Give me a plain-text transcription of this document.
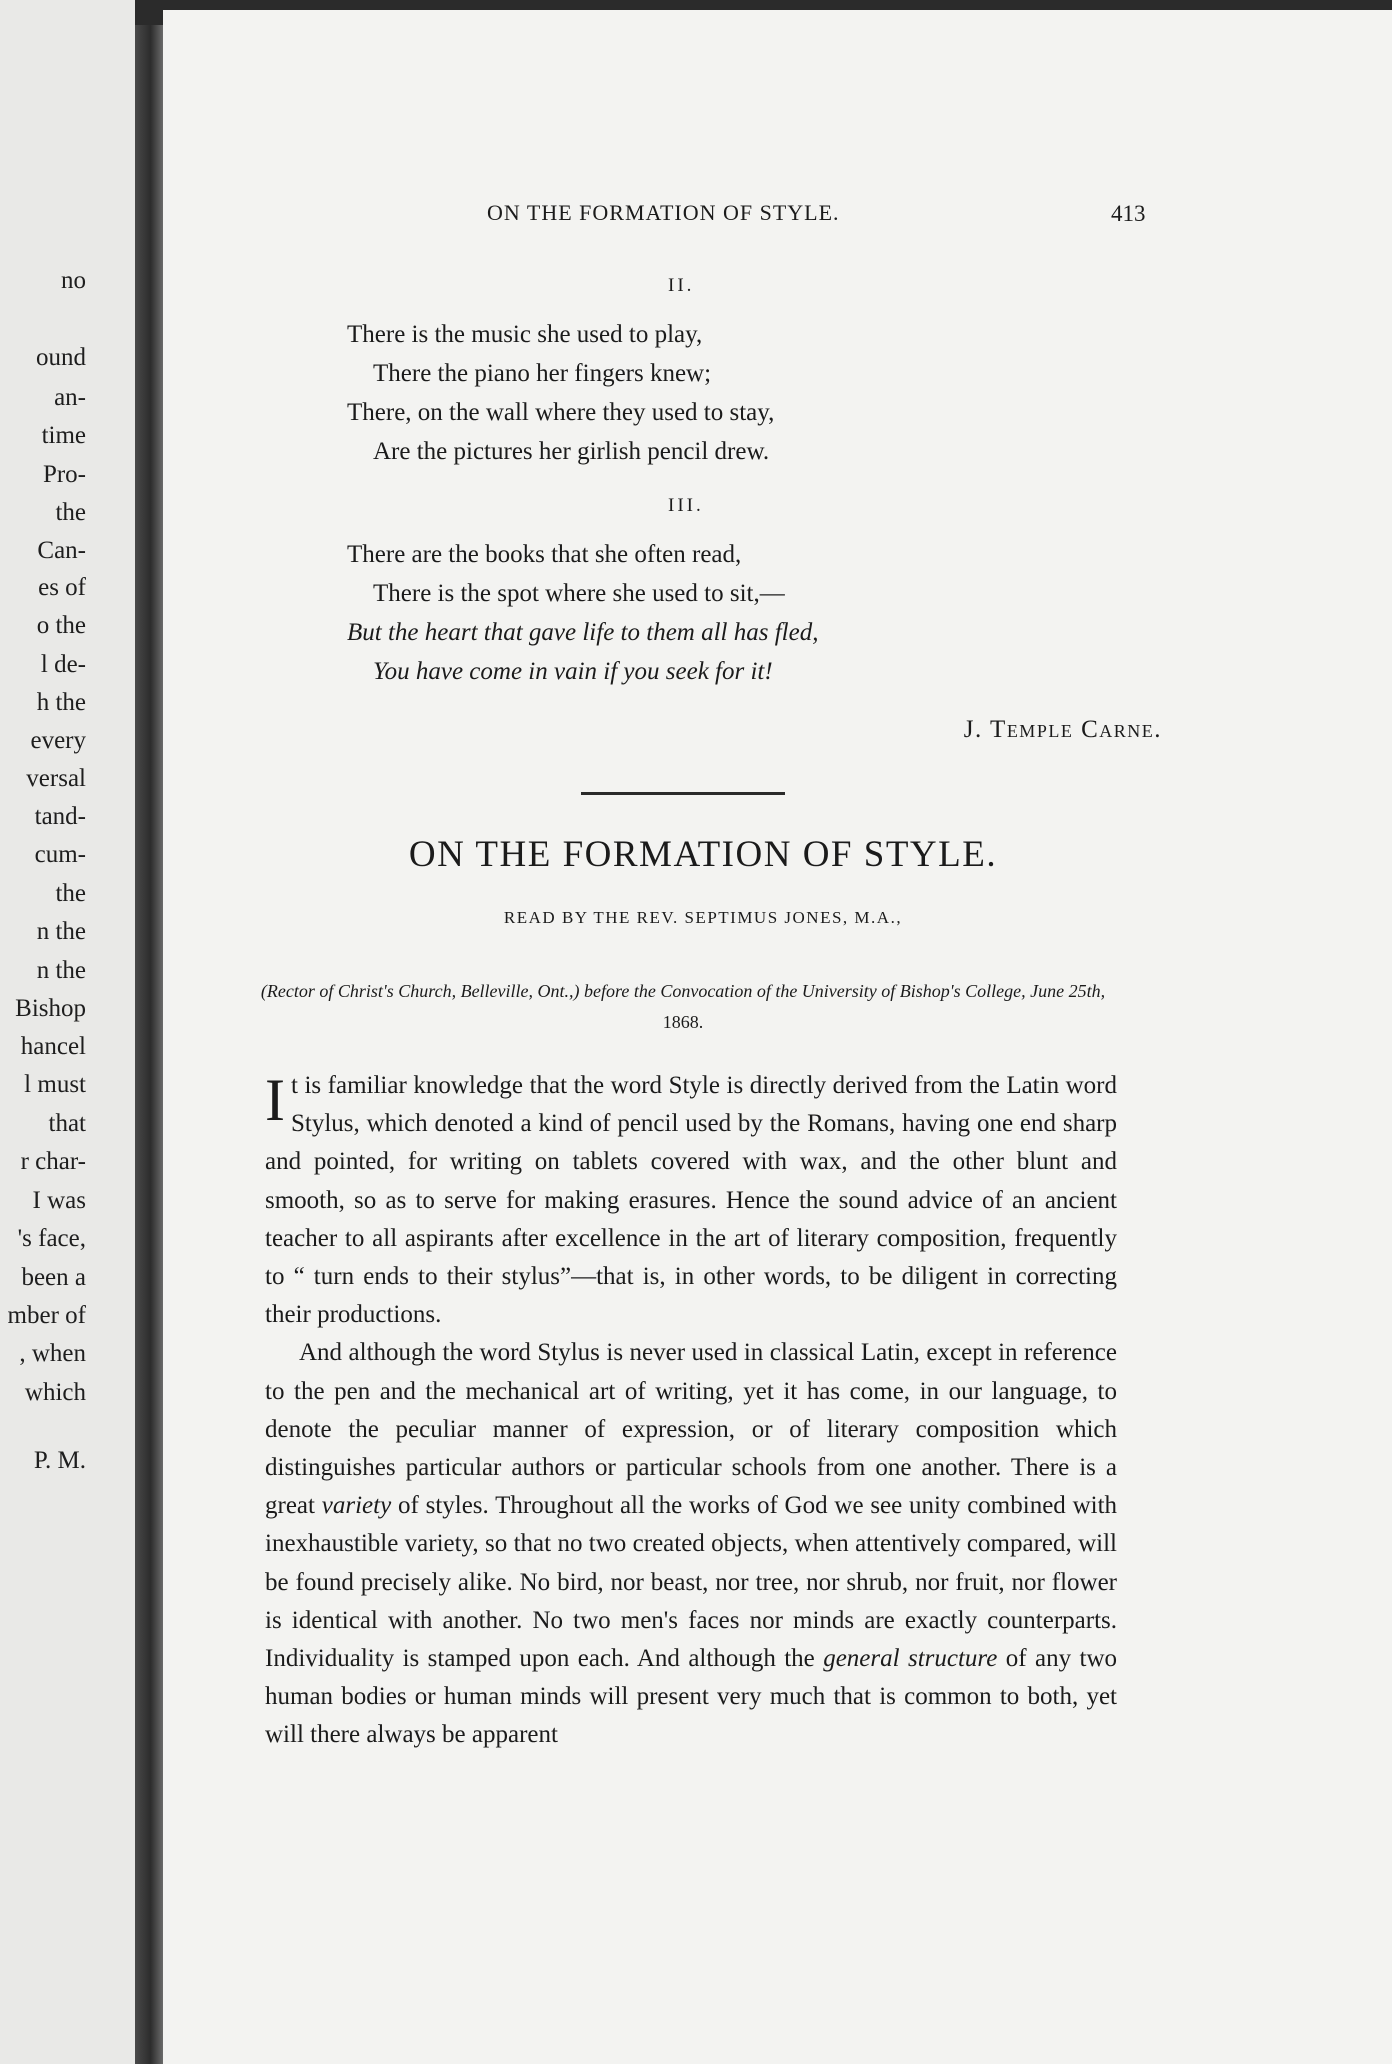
ON THE FORMATION OF STYLE.	413
II.
There is the music she used to play,
There the piano her fingers knew;
There, on the wall where they used to stay,
Are the pictures her girlish pencil drew.
III.
There are the books that she often read,
There is the spot where she used to sit,—
But the heart that gave life to them all has fled,
You have come in vain if you seek for it!
J. Temple Carne.
ON THE FORMATION OF STYLE.
READ BY THE REV. SEPTIMUS JONES, M.A.,
(Rector of Christ's Church, Belleville, Ont.,) before the Convocation of the University of Bishop's College, June 25th, 1868.

It is familiar knowledge that the word Style is directly derived from the Latin word Stylus, which denoted a kind of pencil used by the Romans, having one end sharp and pointed, for writing on tablets covered with wax, and the other blunt and smooth, so as to serve for making erasures. Hence the sound advice of an ancient teacher to all aspirants after excellence in the art of literary composition, frequently to “ turn ends to their stylus”—that is, in other words, to be diligent in correcting their productions.

And although the word Stylus is never used in classical Latin, except in reference to the pen and the mechanical art of writing, yet it has come, in our language, to denote the peculiar manner of expression, or of literary composition which distinguishes particular authors or particular schools from one another. There is a great variety of styles. Throughout all the works of God we see unity combined with inexhaustible variety, so that no two created objects, when attentively compared, will be found precisely alike. No bird, nor beast, nor tree, nor shrub, nor fruit, nor flower is identical with another. No two men's faces nor minds are exactly counterparts. Individuality is stamped upon each. And although the general structure of any two human bodies or human minds will present very much that is common to both, yet will there always be apparent

no
ound
an-
time
Pro-
the
Can-
es of
o the
l de-
h the
every
versal
tand-
cum-
the
n the
n the
Bishop
hancel
l must
that
r char-
I was
's face,
been a
mber of
, when
which
P. M.
